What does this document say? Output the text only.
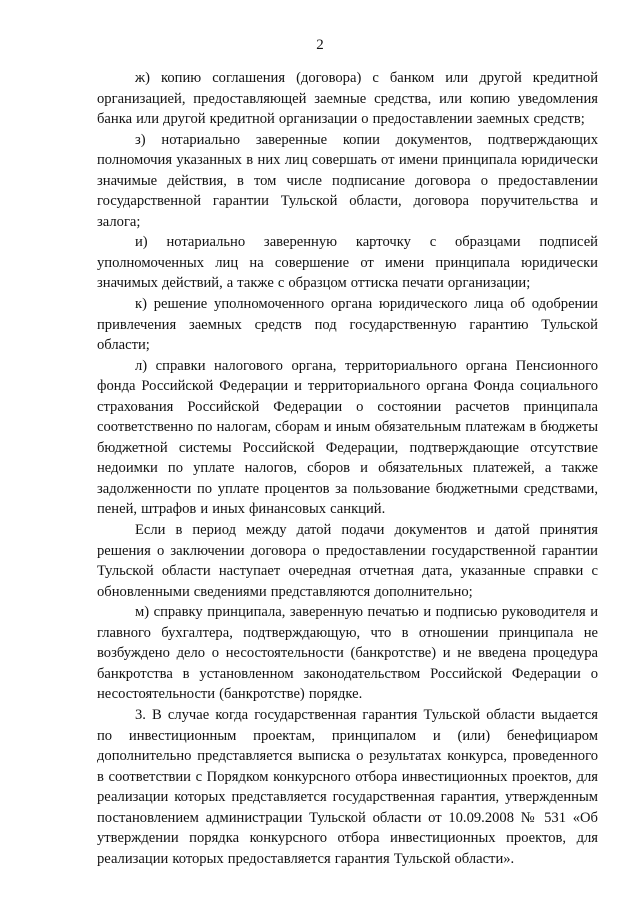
2

ж) копию соглашения (договора) с банком или другой кредитной организацией, предоставляющей заемные средства, или копию уведомления банка или другой кредитной организации о предоставлении заемных средств;

з) нотариально заверенные копии документов, подтверждающих полномочия указанных в них лиц совершать от имени принципала юридически значимые действия, в том числе подписание договора о предоставлении государственной гарантии Тульской области, договора поручительства и залога;

и) нотариально заверенную карточку с образцами подписей уполномоченных лиц на совершение от имени принципала юридически значимых действий, а также с образцом оттиска печати организации;

к) решение уполномоченного органа юридического лица об одобрении привлечения заемных средств под государственную гарантию Тульской области;

л) справки налогового органа, территориального органа Пенсионного фонда Российской Федерации и территориального органа Фонда социального страхования Российской Федерации о состоянии расчетов принципала соответственно по налогам, сборам и иным обязательным платежам в бюджеты бюджетной системы Российской Федерации, подтверждающие отсутствие недоимки по уплате налогов, сборов и обязательных платежей, а также задолженности по уплате процентов за пользование бюджетными средствами, пеней, штрафов и иных финансовых санкций.

Если в период между датой подачи документов и датой принятия решения о заключении договора о предоставлении государственной гарантии Тульской области наступает очередная отчетная дата, указанные справки с обновленными сведениями представляются дополнительно;

м) справку принципала, заверенную печатью и подписью руководителя и главного бухгалтера, подтверждающую, что в отношении принципала не возбуждено дело о несостоятельности (банкротстве) и не введена процедура банкротства в установленном законодательством Российской Федерации о несостоятельности (банкротстве) порядке.

3. В случае когда государственная гарантия Тульской области выдается по инвестиционным проектам, принципалом и (или) бенефициаром дополнительно представляется выписка о результатах конкурса, проведенного в соответствии с Порядком конкурсного отбора инвестиционных проектов, для реализации которых представляется государственная гарантия, утвержденным постановлением администрации Тульской области от 10.09.2008 № 531 «Об утверждении порядка конкурсного отбора инвестиционных проектов, для реализации которых предоставляется гарантия Тульской области».
